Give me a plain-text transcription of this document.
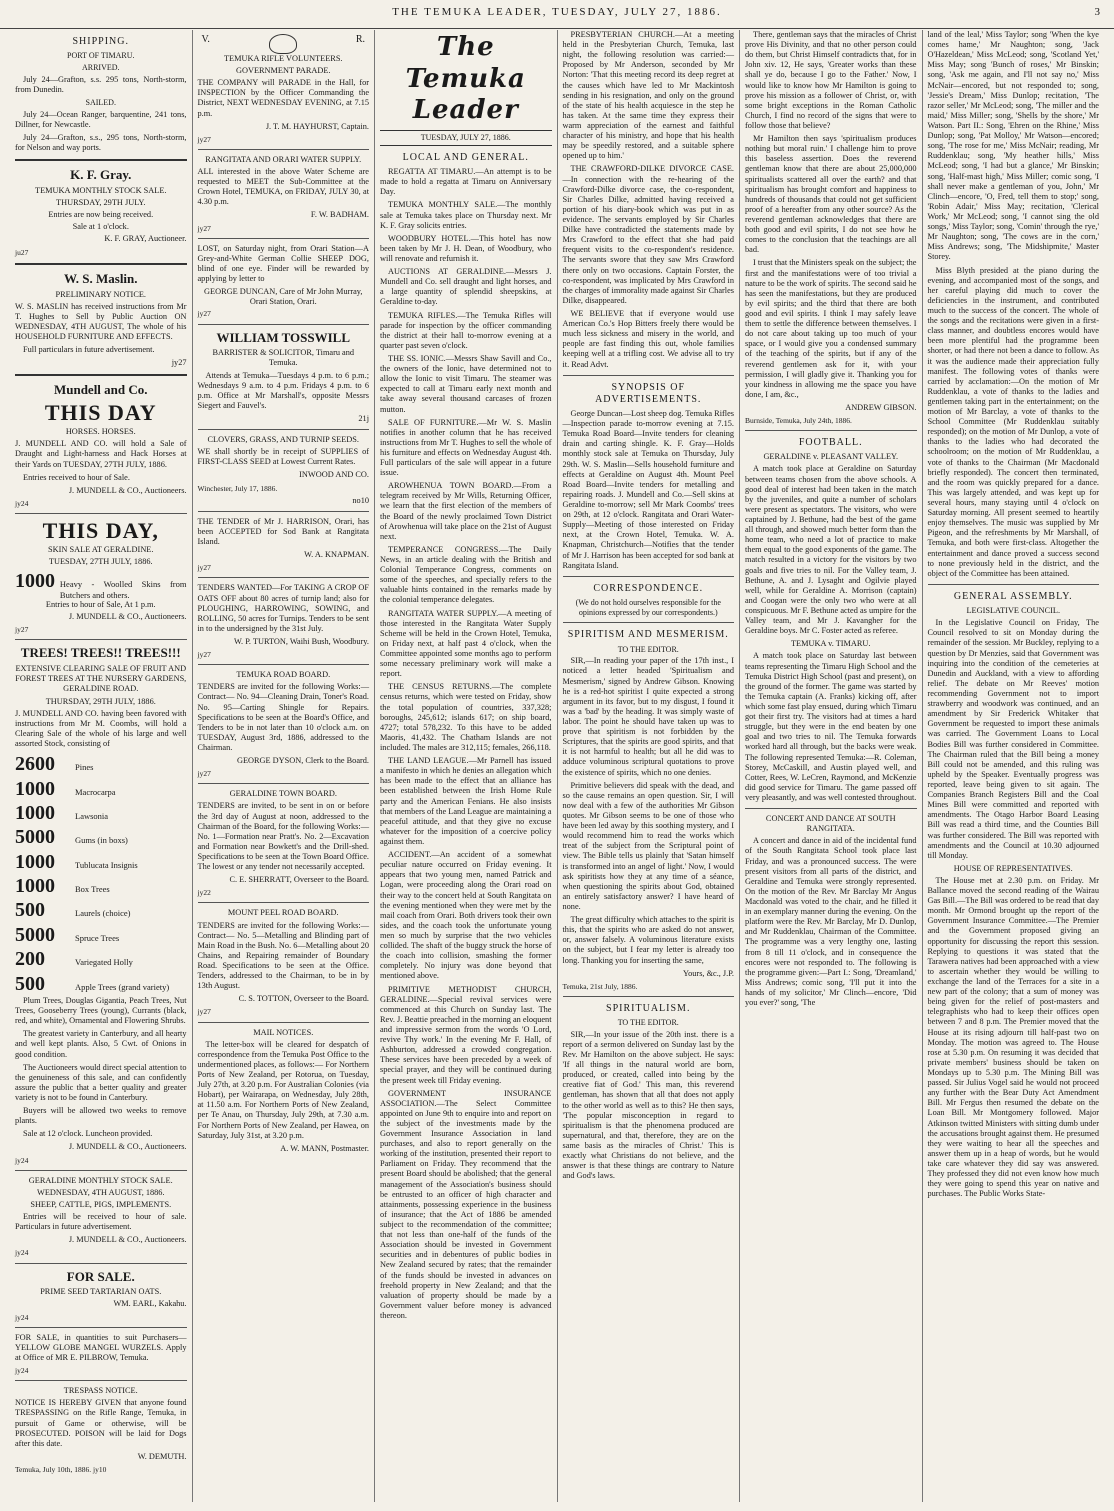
THE TEMUKA LEADER, TUESDAY, JULY 27, 1886.	3
SHIPPING.
PORT OF TIMARU.
ARRIVED.

July 24—Grafton, s.s. 295 tons, North-storm, from Dunedin.

SAILED.

July 24—Ocean Ranger, barquentine, 241 tons, Dillner, for Newcastle.

July 24—Grafton, s.s., 295 tons, North-storm, for Nelson and way ports.

K. F. Gray.
TEMUKA MONTHLY STOCK SALE.
THURSDAY, 29TH JULY.
Entries are now being received.
Sale at 1 o'clock.
K. F. GRAY, Auctioneer.
ju27
W. S. Maslin.
PRELIMINARY NOTICE.

W. S. MASLIN has received instructions from Mr T. Hughes to Sell by Public Auction ON WEDNESDAY, 4TH AUGUST, The whole of his HOUSEHOLD FURNITURE AND EFFECTS.

Full particulars in future advertisement.

jy27
Mundell and Co.
THIS DAY
HORSES. HORSES.

J. MUNDELL AND CO. will hold a Sale of Draught and Light-harness and Hack Horses at their Yards on TUESDAY, 27TH JULY, 1886.

Entries received to hour of Sale.

J. MUNDELL & CO., Auctioneers.
jy24
THIS DAY,
SKIN SALE AT GERALDINE.
TUESDAY, 27TH JULY, 1886.
1000 Heavy - Woolled Skins from Butchers and others.
Entries to hour of Sale, At 1 p.m.
J. MUNDELL & CO., Auctioneers.
jy27
TREES! TREES!! TREES!!!
EXTENSIVE CLEARING SALE OF FRUIT AND FOREST TREES AT THE NURSERY GARDENS, GERALDINE ROAD.
THURSDAY, 29TH JULY, 1886.

J. MUNDELL AND CO. having been favored with instructions from Mr M. Coombs, will hold a Clearing Sale of the whole of his large and well assorted Stock, consisting of

2600	Pines
1000	Macrocarpa
1000	Lawsonia
5000	Gums (in boxs)
1000	Tublucata Insignis
1000	Box Trees
500	Laurels (choice)
5000	Spruce Trees
200	Variegated Holly
500	Apple Trees (grand variety)

Plum Trees, Douglas Gigantia, Peach Trees, Nut Trees, Gooseberry Trees (young), Currants (black, red, and white), Ornamental and Flowering Shrubs.

The greatest variety in Canterbury, and all hearty and well kept plants. Also, 5 Cwt. of Onions in good condition.

The Auctioneers would direct special attention to the genuineness of this sale, and can confidently assure the public that a better quality and greater variety is not to be found in Canterbury.

Buyers will be allowed two weeks to remove plants.

Sale at 12 o'clock. Luncheon provided.

J. MUNDELL & CO., Auctioneers.
jy24
GERALDINE MONTHLY STOCK SALE.
WEDNESDAY, 4TH AUGUST, 1886.
SHEEP, CATTLE, PIGS, IMPLEMENTS.

Entries will be received to hour of sale. Particulars in future advertisement.

J. MUNDELL & CO., Auctioneers.
jy24
FOR SALE.
PRIME SEED TARTARIAN OATS.
WM. EARL, Kakahu.
jy24

FOR SALE, in quantities to suit Purchasers— YELLOW GLOBE MANGEL WURZELS. Apply at Office of MR E. PILBROW, Temuka.

jy24
TRESPASS NOTICE.

NOTICE IS HEREBY GIVEN that anyone found TRESPASSING on the Rifle Range, Temuka, in pursuit of Game or otherwise, will be PROSECUTED. POISON will be laid for Dogs after this date.

W. DEMUTH.
Temuka, July 10th, 1886. jy10
V.	R.
TEMUKA RIFLE VOLUNTEERS.
GOVERNMENT PARADE.

THE COMPANY will PARADE in the Hall, for INSPECTION by the Officer Commanding the District, NEXT WEDNESDAY EVENING, at 7.15 p.m.

J. T. M. HAYHURST, Captain.
jy27
RANGITATA AND ORARI WATER SUPPLY.

ALL interested in the above Water Scheme are requested to MEET the Sub-Committee at the Crown Hotel, TEMUKA, on FRIDAY, JULY 30, at 4.30 p.m.

F. W. BADHAM.
jy27

LOST, on Saturday night, from Orari Station—A Grey-and-White German Collie SHEEP DOG, blind of one eye. Finder will be rewarded by applying by letter to

GEORGE DUNCAN, Care of Mr John Murray, Orari Station, Orari.
jy27
WILLIAM TOSSWILL
BARRISTER & SOLICITOR, Timaru and Temuka.

Attends at Temuka—Tuesdays 4 p.m. to 6 p.m.; Wednesdays 9 a.m. to 4 p.m. Fridays 4 p.m. to 6 p.m. Office at Mr Marshall's, opposite Messrs Siegert and Fauvel's.

21j
CLOVERS, GRASS, AND TURNIP SEEDS.

WE shall shortly be in receipt of SUPPLIES of FIRST-CLASS SEED at Lowest Current Rates.

INWOOD AND CO.
Winchester, July 17, 1886.
no10

THE TENDER of Mr J. HARRISON, Orari, has been ACCEPTED for Sod Bank at Rangitata Island.

W. A. KNAPMAN.
jy27

TENDERS WANTED—For TAKING A CROP OF OATS OFF about 80 acres of turnip land; also for PLOUGHING, HARROWING, SOWING, and ROLLING, 50 acres for Turnips. Tenders to be sent in to the undersigned by the 31st July.

W. P. TURTON, Waihi Bush, Woodbury.
jy27
TEMUKA ROAD BOARD.

TENDERS are invited for the following Works:— Contract— No. 94—Cleaning Drain, Toner's Road. No. 95—Carting Shingle for Repairs. Specifications to be seen at the Board's Office, and Tenders to be in not later than 10 o'clock a.m. on TUESDAY, August 3rd, 1886, addressed to the Chairman.

GEORGE DYSON, Clerk to the Board.
jy27
GERALDINE TOWN BOARD.

TENDERS are invited, to be sent in on or before the 3rd day of August at noon, addressed to the Chairman of the Board, for the following Works:— No. 1—Formation near Pratt's. No. 2—Excavation and Formation near Bowkett's and the Drill-shed. Specifications to be seen at the Town Board Office. The lowest or any tender not necessarily accepted.

C. E. SHERRATT, Overseer to the Board.
jy22
MOUNT PEEL ROAD BOARD.

TENDERS are invited for the following Works:— Contract— No. 5—Metalling and Blinding part of Main Road in the Bush. No. 6—Metalling about 20 Chains, and Repairing remainder of Boundary Road. Specifications to be seen at the Office. Tenders, addressed to the Chairman, to be in by 13th August.

C. S. TOTTON, Overseer to the Board.
jy27
MAIL NOTICES.

The letter-box will be cleared for despatch of correspondence from the Temuka Post Office to the undermentioned places, as follows:— For Northern Ports of New Zealand, per Rotorua, on Tuesday, July 27th, at 3.20 p.m. For Australian Colonies (via Hobart), per Wairarapa, on Wednesday, July 28th, at 11.50 a.m. For Northern Ports of New Zealand, per Te Anau, on Thursday, July 29th, at 7.30 a.m. For Northern Ports of New Zealand, per Hawea, on Saturday, July 31st, at 3.20 p.m.

A. W. MANN, Postmaster.
The Temuka Leader
TUESDAY, JULY 27, 1886.
LOCAL AND GENERAL.

REGATTA AT TIMARU.—An attempt is to be made to hold a regatta at Timaru on Anniversary Day.

TEMUKA MONTHLY SALE.—The monthly sale at Temuka takes place on Thursday next. Mr K. F. Gray solicits entries.

WOODBURY HOTEL.—This hotel has now been taken by Mr J. H. Dean, of Woodbury, who will renovate and refurnish it.

AUCTIONS AT GERALDINE.—Messrs J. Mundell and Co. sell draught and light horses, and a large quantity of splendid sheepskins, at Geraldine to-day.

TEMUKA RIFLES.—The Temuka Rifles will parade for inspection by the officer commanding the district at their hall to-morrow evening at a quarter past seven o'clock.

THE SS. IONIC.—Messrs Shaw Savill and Co., the owners of the Ionic, have determined not to allow the Ionic to visit Timaru. The steamer was expected to call at Timaru early next month and take away several thousand carcases of frozen mutton.

SALE OF FURNITURE.—Mr W. S. Maslin notifies in another column that he has received instructions from Mr T. Hughes to sell the whole of his furniture and effects on Wednesday August 4th. Full particulars of the sale will appear in a future issue.

AROWHENUA TOWN BOARD.—From a telegram received by Mr Wills, Returning Officer, we learn that the first election of the members of the Board of the newly proclaimed Town District of Arowhenua will take place on the 21st of August next.

TEMPERANCE CONGRESS.—The Daily News, in an article dealing with the British and Colonial Temperance Congress, comments on some of the speeches, and specially refers to the valuable hints contained in the remarks made by the colonial temperance delegates.

RANGITATA WATER SUPPLY.—A meeting of those interested in the Rangitata Water Supply Scheme will be held in the Crown Hotel, Temuka, on Friday next, at half past 4 o'clock, when the Committee appointed some months ago to perform some necessary preliminary work will make a report.

THE CENSUS RETURNS.—The complete census returns, which were tested on Friday, show the total population of countries, 337,328; boroughs, 245,612; islands 617; on ship board, 4727; total 578,232. To this have to be added Maoris, 41,432. The Chatham Islands are not included. The males are 312,115; females, 266,118.

THE LAND LEAGUE.—Mr Parnell has issued a manifesto in which he denies an allegation which has been made to the effect that an alliance has been established between the Irish Home Rule party and the American Fenians. He also insists that members of the Land League are maintaining a peaceful attitude, and that they give no excuse whatever for the imposition of a coercive policy against them.

ACCIDENT.—An accident of a somewhat peculiar nature occurred on Friday evening. It appears that two young men, named Patrick and Logan, were proceeding along the Orari road on their way to the concert held at South Rangitata on the evening mentioned when they were met by the mail coach from Orari. Both drivers took their own sides, and the coach took the unfortunate young men so much by surprise that the two vehicles collided. The shaft of the buggy struck the horse of the coach into collision, smashing the former completely. No injury was done beyond that mentioned above.

PRIMITIVE METHODIST CHURCH, GERALDINE.—Special revival services were commenced at this Church on Sunday last. The Rev. J. Beattie preached in the morning an eloquent and impressive sermon from the words 'O Lord, revive Thy work.' In the evening Mr F. Hall, of Ashburton, addressed a crowded congregation. These services have been preceded by a week of special prayer, and they will be continued during the present week till Friday evening.

GOVERNMENT INSURANCE ASSOCIATION.—The Select Committee appointed on June 9th to enquire into and report on the subject of the investments made by the Government Insurance Association in land purchases, and also to report generally on the working of the institution, presented their report to Parliament on Friday. They recommend that the present Board should be abolished; that the general management of the Association's business should be entrusted to an officer of high character and attainments, possessing experience in the business of insurance; that the Act of 1886 be amended subject to the recommendation of the committee; that not less than one-half of the funds of the Association should be invested in Government securities and in debentures of public bodies in New Zealand secured by rates; that the remainder of the funds should be invested in advances on freehold property in New Zealand; and that the valuation of property should be made by a Government valuer before money is advanced thereon.

PRESBYTERIAN CHURCH.—At a meeting held in the Presbyterian Church, Temuka, last night, the following resolution was carried:—Proposed by Mr Anderson, seconded by Mr Norton: 'That this meeting record its deep regret at the causes which have led to Mr Mackintosh sending in his resignation, and only on the ground of the state of his health acquiesce in the step he has taken. At the same time they express their warm appreciation of the earnest and faithful character of his ministry, and hope that his health may be speedily restored, and a suitable sphere opened up to him.'

THE CRAWFORD-DILKE DIVORCE CASE.—In connection with the re-hearing of the Crawford-Dilke divorce case, the co-respondent, Sir Charles Dilke, admitted having received a portion of his diary-book which was put in as evidence. The servants employed by Sir Charles Dilke have contradicted the statements made by Mrs Crawford to the effect that she had paid frequent visits to the co-respondent's residence. The servants swore that they saw Mrs Crawford there only on two occasions. Captain Forster, the co-respondent, was implicated by Mrs Crawford in the charges of immorality made against Sir Charles Dilke, disappeared.

WE BELIEVE that if everyone would use American Co.'s Hop Bitters freely there would be much less sickness and misery in the world, and people are fast finding this out, whole families keeping well at a trifling cost. We advise all to try it. Read Advt.

SYNOPSIS OF ADVERTISEMENTS.

George Duncan—Lost sheep dog. Temuka Rifles—Inspection parade to-morrow evening at 7.15. Temuka Road Board—Invite tenders for cleaning drain and carting shingle. K. F. Gray—Holds monthly stock sale at Temuka on Thursday, July 29th. W. S. Maslin—Sells household furniture and effects at Geraldine on August 4th. Mount Peel Road Board—Invite tenders for metalling and repairing roads. J. Mundell and Co.—Sell skins at Geraldine to-morrow; sell Mr Mark Coombs' trees on 29th, at 12 o'clock. Rangitata and Orari Water-Supply—Meeting of those interested on Friday next, at the Crown Hotel, Temuka. W. A. Knapman, Christchurch—Notifies that the tender of Mr J. Harrison has been accepted for sod bank at Rangitata Island.

CORRESPONDENCE.
(We do not hold ourselves responsible for the opinions expressed by our correspondents.)
SPIRITISM AND MESMERISM.
TO THE EDITOR.

SIR,—In reading your paper of the 17th inst., I noticed a letter headed 'Spiritualism and Mesmerism,' signed by Andrew Gibson. Knowing he is a red-hot spiritist I quite expected a strong argument in its favor, but to my disgust, I found it was a 'bad' by the heading. It was simply waste of labor. The point he should have taken up was to prove that spiritism is not forbidden by the Scriptures, that the spirits are good spirits, and that it is not harmful to health; but all he did was to adduce voluminous scriptural quotations to prove the existence of spirits, which no one denies.

Primitive believers did speak with the dead, and so the cause remains an open question. Sir, I will now deal with a few of the authorities Mr Gibson quotes. Mr Gibson seems to be one of those who have been led away by this soothing mystery, and I would recommend him to read the works which treat of the subject from the Scriptural point of view. The Bible tells us plainly that 'Satan himself is transformed into an angel of light.' Now, I would ask spiritists how they at any time of a séance, when questioning the spirits about God, obtained an entirely satisfactory answer? I have heard of none.

The great difficulty which attaches to the spirit is this, that the spirits who are asked do not answer, or, answer falsely. A voluminous literature exists on the subject, but I fear my letter is already too long. Thanking you for inserting the same,

Yours, &c., J.P.
Temuka, 21st July, 1886.
SPIRITUALISM.
TO THE EDITOR.

SIR,—In your issue of the 20th inst. there is a report of a sermon delivered on Sunday last by the Rev. Mr Hamilton on the above subject. He says: 'If all things in the natural world are born, produced, or created, called into being by the creative fiat of God.' This man, this reverend gentleman, has shown that all that does not apply to the other world as well as to this? He then says, 'The popular misconception in regard to spiritualism is that the phenomena produced are supernatural, and that, therefore, they are on the same basis as the miracles of Christ.' This is exactly what Christians do not believe, and the answer is that these things are contrary to Nature and God's laws.

There, gentleman says that the miracles of Christ prove His Divinity, and that no other person could do them, but Christ Himself contradicts that, for in John xiv. 12, He says, 'Greater works than these shall ye do, because I go to the Father.' Now, I would like to know how Mr Hamilton is going to prove his mission as a follower of Christ, or, with some bright exceptions in the Roman Catholic Church, I find no record of the signs that were to follow those that believe?

Mr Hamilton then says 'spiritualism produces nothing but moral ruin.' I challenge him to prove this baseless assertion. Does the reverend gentleman know that there are about 25,000,000 spiritualists scattered all over the earth? and that spiritualism has brought comfort and happiness to hundreds of thousands that could not get sufficient proof of a hereafter from any other source? As the reverend gentleman acknowledges that there are both good and evil spirits, I do not see how he comes to the conclusion that the teachings are all bad.

I trust that the Ministers speak on the subject; the first and the manifestations were of too trivial a nature to be the work of spirits. The second said he has seen the manifestations, but they are produced by evil spirits; and the third that there are both good and evil spirits. I think I may safely leave them to settle the difference between themselves. I do not care about taking up too much of your space, or I would give you a condensed summary of the teaching of the spirits, but if any of the reverend gentlemen ask for it, with your permission, I will gladly give it. Thanking you for your kindness in allowing me the space you have done, I am, &c.,

ANDREW GIBSON.
Burnside, Temuka, July 24th, 1886.
FOOTBALL.
GERALDINE v. PLEASANT VALLEY.

A match took place at Geraldine on Saturday between teams chosen from the above schools. A good deal of interest had been taken in the match by the juveniles, and quite a number of scholars were present as spectators. The visitors, who were captained by J. Bethune, had the best of the game all through, and showed much better form than the home team, who need a lot of practice to make them equal to the good exponents of the game. The match resulted in a victory for the visitors by two goals and five tries to nil. For the Valley team, J. Bethune, A. and J. Lysaght and Ogilvie played well, while for Geraldine A. Morrison (captain) and Coogan were the only two who were at all conspicuous. Mr F. Bethune acted as umpire for the Valley team, and Mr J. Kavangher for the Geraldine boys. Mr C. Foster acted as referee.

TEMUKA v. TIMARU.

A match took place on Saturday last between teams representing the Timaru High School and the Temuka District High School (past and present), on the ground of the former. The game was started by the Temuka captain (A. Franks) kicking off, after which some fast play ensued, during which Timaru got their first try. The visitors had at times a hard struggle, but they were in the end beaten by one goal and two tries to nil. The Temuka forwards worked hard all through, but the backs were weak. The following represented Temuka:—R. Coleman, Storey, McCaskill, and Austin played well, and Cotter, Rees, W. LeCren, Raymond, and McKenzie did good service for Timaru. The game passed off very pleasantly, and was well contested throughout.

CONCERT AND DANCE AT SOUTH RANGITATA.

A concert and dance in aid of the incidental fund of the South Rangitata School took place last Friday, and was a pronounced success. The were present visitors from all parts of the district, and Geraldine and Temuka were strongly represented. On the motion of the Rev. Mr Barclay Mr Angus Macdonald was voted to the chair, and he filled it in an exemplary manner during the evening. On the platform were the Rev. Mr Barclay, Mr D. Dunlop, and Mr Ruddenklau, Chairman of the Committee. The programme was a very lengthy one, lasting from 8 till 11 o'clock, and in consequence the encores were not responded to. The following is the programme given:—Part I.: Song, 'Dreamland,' Miss Andrews; comic song, 'I'll put it into the hands of my solicitor,' Mr Clinch—encore, 'Did you ever?' song, 'The

land of the leal,' Miss Taylor; song 'When the kye comes hame,' Mr Naughton; song, 'Jack O'Hazeldean,' Miss McLeod; song, 'Scotland Yet,' Miss May; song 'Bunch of roses,' Mr Binskin; song, 'Ask me again, and I'll not say no,' Miss McNair—encored, but not responded to; song, 'Jessie's Dream,' Miss Dunlop; recitation, 'The razor seller,' Mr McLeod; song, 'The miller and the maid,' Miss Miller; song, 'Shells by the shore,' Mr Watson. Part II.: Song, 'Ehren on the Rhine,' Miss Dunlop; song, 'Pat Molloy,' Mr Watson—encored; song, 'The rose for me,' Miss McNair; reading, Mr Ruddenklau; song, 'My heather hills,' Miss McLeod; song, 'I had but a glance,' Mr Binskin; song, 'Half-mast high,' Miss Miller; comic song, 'I shall never make a gentleman of you, John,' Mr Clinch—encore, 'O, Fred, tell them to stop;' song, 'Robin Adair,' Miss May; recitation, 'Clerical Work,' Mr McLeod; song, 'I cannot sing the old songs,' Miss Taylor; song, 'Comin' through the rye,' Mr Naughton; song, 'The cows are in the corn,' Miss Andrews; song, 'The Midshipmite,' Master Storey.

Miss Blyth presided at the piano during the evening, and accompanied most of the songs, and her careful playing did much to cover the deficiencies in the instrument, and contributed much to the success of the concert. The whole of the songs and the recitations were given in a first-class manner, and doubtless encores would have been more plentiful had the programme been shorter, or had there not been a dance to follow. As it was the audience made their appreciation fully manifest. The following votes of thanks were carried by acclamation:—On the motion of Mr Ruddenklau, a vote of thanks to the ladies and gentlemen taking part in the entertainment; on the motion of Mr Barclay, a vote of thanks to the School Committee (Mr Ruddenklau suitably responded); on the motion of Mr Dunlop, a vote of thanks to the ladies who had decorated the schoolroom; on the motion of Mr Ruddenklau, a vote of thanks to the Chairman (Mr Macdonald briefly responded). The concert then terminated, and the room was quickly prepared for a dance. This was largely attended, and was kept up for several hours, many staying until 4 o'clock on Saturday morning. All present seemed to heartily enjoy themselves. The music was supplied by Mr Pigeon, and the refreshments by Mr Marshall, of Temuka, and both were first-class. Altogether the entertainment and dance proved a success second to none previously held in the district, and the object of the Committee has been attained.

GENERAL ASSEMBLY.
LEGISLATIVE COUNCIL.

In the Legislative Council on Friday, The Council resolved to sit on Monday during the remainder of the session. Mr Buckley, replying to a question by Dr Menzies, said that Government was inquiring into the condition of the cemeteries at Dunedin and Auckland, with a view to affording relief. The debate on Mr Reeves' motion recommending Government not to import strawberry and woodwork was continued, and an amendment by Sir Frederick Whitaker that Government be requested to import these animals was carried. The Government Loans to Local Bodies Bill was further considered in Committee. The Chairman ruled that the Bill being a money Bill could not be amended, and this ruling was upheld by the Speaker. Eventually progress was reported, leave being given to sit again. The Companies Branch Registers Bill and the Coal Mines Bill were committed and reported with amendments. The Otago Harbor Board Leasing Bill was read a third time, and the Counties Bill was further considered. The Bill was reported with amendments and the Council at 10.30 adjourned till Monday.

HOUSE OF REPRESENTATIVES.

The House met at 2.30 p.m. on Friday. Mr Ballance moved the second reading of the Wairau Gas Bill.—The Bill was ordered to be read that day month. Mr Ormond brought up the report of the Government Insurance Committee.—The Premier and the Government proposed giving an opportunity for discussing the report this session. Replying to questions it was stated that the Tarawera natives had been approached with a view to ascertain whether they would be willing to exchange the land of the Terraces for a site in a new part of the colony; that a sum of money was being given for the relief of post-masters and telegraphists who had to keep their offices open between 7 and 8 p.m. The Premier moved that the House at its rising adjourn till half-past two on Monday. The motion was agreed to. The House rose at 5.30 p.m. On resuming it was decided that private members' business should be taken on Mondays up to 5.30 p.m. The Mining Bill was passed. Sir Julius Vogel said he would not proceed any further with the Bear Duty Act Amendment Bill. Mr Fergus then resumed the debate on the Loan Bill. Mr Montgomery followed. Major Atkinson twitted Ministers with sitting dumb under the accusations brought against them. He presumed they were waiting to hear all the speeches and answer them up in a heap of words, but he would take care whatever they did say was answered. They professed they did not even know how much they were going to spend this year on native and purchases. The Public Works State-
